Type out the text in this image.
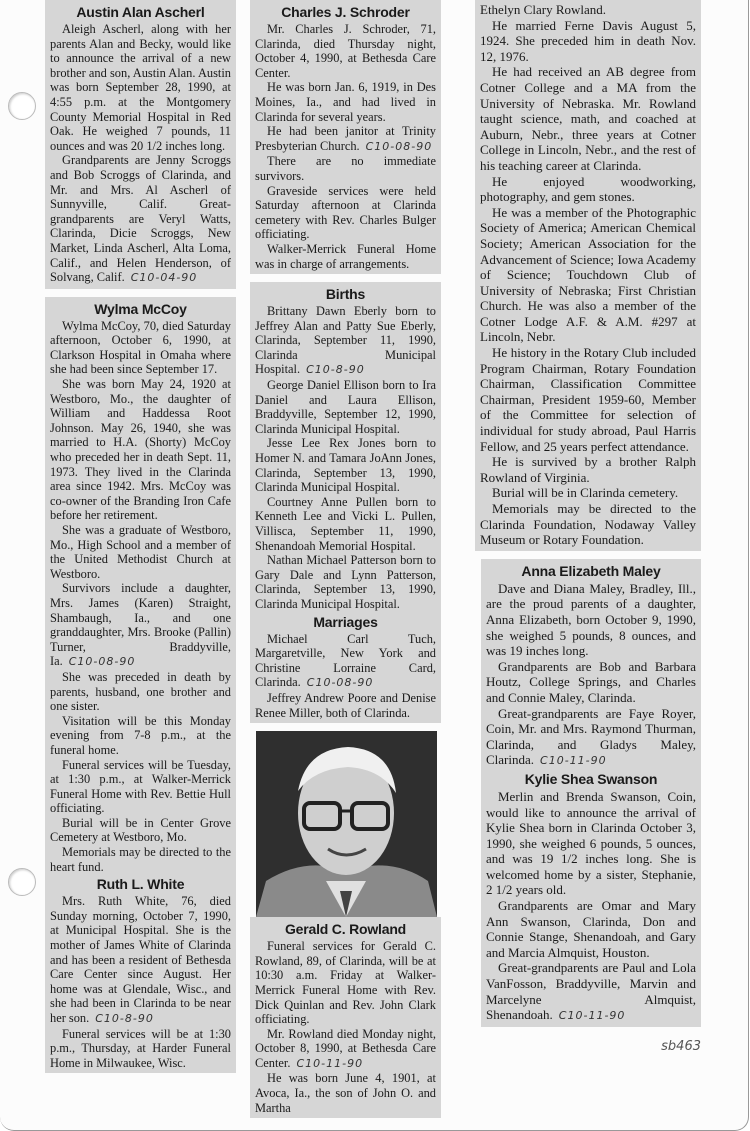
Austin Alan Ascherl

Aleigh Ascherl, along with her parents Alan and Becky, would like to announce the arrival of a new brother and son, Austin Alan. Austin was born September 28, 1990, at 4:55 p.m. at the Montgomery County Memorial Hospital in Red Oak. He weighed 7 pounds, 11 ounces and was 20 1/2 inches long.

Grandparents are Jenny Scroggs and Bob Scroggs of Clarinda, and Mr. and Mrs. Al Ascherl of Sunnyville, Calif. Great-grandparents are Veryl Watts, Clarinda, Dicie Scroggs, New Market, Linda Ascherl, Alta Loma, Calif., and Helen Henderson, of Solvang, Calif. C10-04-90

Wylma McCoy

Wylma McCoy, 70, died Saturday afternoon, October 6, 1990, at Clarkson Hospital in Omaha where she had been since September 17.

She was born May 24, 1920 at Westboro, Mo., the daughter of William and Haddessa Root Johnson. May 26, 1940, she was married to H.A. (Shorty) McCoy who preceded her in death Sept. 11, 1973. They lived in the Clarinda area since 1942. Mrs. McCoy was co-owner of the Branding Iron Cafe before her retirement.

She was a graduate of Westboro, Mo., High School and a member of the United Methodist Church at Westboro.

Survivors include a daughter, Mrs. James (Karen) Straight, Shambaugh, Ia., and one granddaughter, Mrs. Brooke (Pallin) Turner, Braddyville, Ia. C10-08-90

She was preceded in death by parents, husband, one brother and one sister.

Visitation will be this Monday evening from 7-8 p.m., at the funeral home.

Funeral services will be Tuesday, at 1:30 p.m., at Walker-Merrick Funeral Home with Rev. Bettie Hull officiating.

Burial will be in Center Grove Cemetery at Westboro, Mo.

Memorials may be directed to the heart fund.

Ruth L. White

Mrs. Ruth White, 76, died Sunday morning, October 7, 1990, at Municipal Hospital. She is the mother of James White of Clarinda and has been a resident of Bethesda Care Center since August. Her home was at Glendale, Wisc., and she had been in Clarinda to be near her son. C10-8-90

Funeral services will be at 1:30 p.m., Thursday, at Harder Funeral Home in Milwaukee, Wisc.

Charles J. Schroder

Mr. Charles J. Schroder, 71, Clarinda, died Thursday night, October 4, 1990, at Bethesda Care Center.

He was born Jan. 6, 1919, in Des Moines, Ia., and had lived in Clarinda for several years.

He had been janitor at Trinity Presbyterian Church. C10-08-90

There are no immediate survivors.

Graveside services were held Saturday afternoon at Clarinda cemetery with Rev. Charles Bulger officiating.

Walker-Merrick Funeral Home was in charge of arrangements.

Births

Brittany Dawn Eberly born to Jeffrey Alan and Patty Sue Eberly, Clarinda, September 11, 1990, Clarinda Municipal Hospital. C10-8-90

George Daniel Ellison born to Ira Daniel and Laura Ellison, Braddyville, September 12, 1990, Clarinda Municipal Hospital.

Jesse Lee Rex Jones born to Homer N. and Tamara JoAnn Jones, Clarinda, September 13, 1990, Clarinda Municipal Hospital.

Courtney Anne Pullen born to Kenneth Lee and Vicki L. Pullen, Villisca, September 11, 1990, Shenandoah Memorial Hospital.

Nathan Michael Patterson born to Gary Dale and Lynn Patterson, Clarinda, September 13, 1990, Clarinda Municipal Hospital.

Marriages

Michael Carl Tuch, Margaretville, New York and Christine Lorraine Card, Clarinda. C10-08-90

Jeffrey Andrew Poore and Denise Renee Miller, both of Clarinda.

Gerald C. Rowland

Funeral services for Gerald C. Rowland, 89, of Clarinda, will be at 10:30 a.m. Friday at Walker-Merrick Funeral Home with Rev. Dick Quinlan and Rev. John Clark officiating.

Mr. Rowland died Monday night, October 8, 1990, at Bethesda Care Center. C10-11-90

He was born June 4, 1901, at Avoca, Ia., the son of John O. and Martha

Ethelyn Clary Rowland.

He married Ferne Davis August 5, 1924. She preceded him in death Nov. 12, 1976.

He had received an AB degree from Cotner College and a MA from the University of Nebraska. Mr. Rowland taught science, math, and coached at Auburn, Nebr., three years at Cotner College in Lincoln, Nebr., and the rest of his teaching career at Clarinda.

He enjoyed woodworking, photography, and gem stones.

He was a member of the Photographic Society of America; American Chemical Society; American Association for the Advancement of Science; Iowa Academy of Science; Touchdown Club of University of Nebraska; First Christian Church. He was also a member of the Cotner Lodge A.F. & A.M. #297 at Lincoln, Nebr.

He history in the Rotary Club included Program Chairman, Rotary Foundation Chairman, Classification Committee Chairman, President 1959-60, Member of the Committee for selection of individual for study abroad, Paul Harris Fellow, and 25 years perfect attendance.

He is survived by a brother Ralph Rowland of Virginia.

Burial will be in Clarinda cemetery.

Memorials may be directed to the Clarinda Foundation, Nodaway Valley Museum or Rotary Foundation.

Anna Elizabeth Maley

Dave and Diana Maley, Bradley, Ill., are the proud parents of a daughter, Anna Elizabeth, born October 9, 1990, she weighed 5 pounds, 8 ounces, and was 19 inches long.

Grandparents are Bob and Barbara Houtz, College Springs, and Charles and Connie Maley, Clarinda.

Great-grandparents are Faye Royer, Coin, Mr. and Mrs. Raymond Thurman, Clarinda, and Gladys Maley, Clarinda. C10-11-90

Kylie Shea Swanson

Merlin and Brenda Swanson, Coin, would like to announce the arrival of Kylie Shea born in Clarinda October 3, 1990, she weighed 6 pounds, 5 ounces, and was 19 1/2 inches long. She is welcomed home by a sister, Stephanie, 2 1/2 years old.

Grandparents are Omar and Mary Ann Swanson, Clarinda, Don and Connie Stange, Shenandoah, and Gary and Marcia Almquist, Houston.

Great-grandparents are Paul and Lola VanFosson, Braddyville, Marvin and Marcelyne Almquist, Shenandoah. C10-11-90

sb463
